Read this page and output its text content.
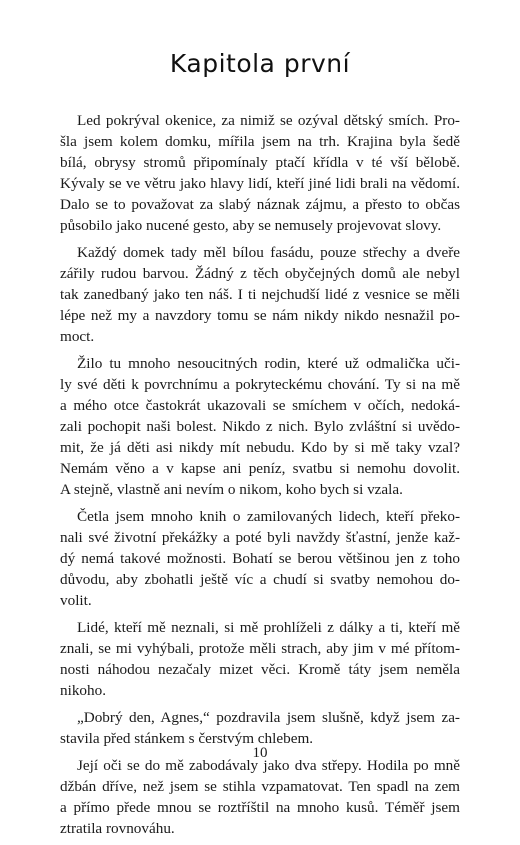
Kapitola první
Led pokrýval okenice, za nimiž se ozýval dětský smích. Pro-
šla jsem kolem domku, mířila jsem na trh. Krajina byla šedě
bílá, obrysy stromů připomínaly ptačí křídla v té vší bělobě.
Kývaly se ve větru jako hlavy lidí, kteří jiné lidi brali na vědomí.
Dalo se to považovat za slabý náznak zájmu, a přesto to občas
působilo jako nucené gesto, aby se nemusely projevovat slovy.
Každý domek tady měl bílou fasádu, pouze střechy a dveře
zářily rudou barvou. Žádný z těch obyčejných domů ale nebyl
tak zanedbaný jako ten náš. I ti nejchudší lidé z vesnice se měli
lépe než my a navzdory tomu se nám nikdy nikdo nesnažil po-
moct.
Žilo tu mnoho nesoucitných rodin, které už odmalička uči-
ly své děti k povrchnímu a pokryteckému chování. Ty si na mě
a mého otce častokrát ukazovali se smíchem v očích, nedoká-
zali pochopit naši bolest. Nikdo z nich. Bylo zvláštní si uvědo-
mit, že já děti asi nikdy mít nebudu. Kdo by si mě taky vzal?
Nemám věno a v kapse ani peníz, svatbu si nemohu dovolit.
A stejně, vlastně ani nevím o nikom, koho bych si vzala.
Četla jsem mnoho knih o zamilovaných lidech, kteří překo-
nali své životní překážky a poté byli navždy šťastní, jenže kaž-
dý nemá takové možnosti. Bohatí se berou většinou jen z toho
důvodu, aby zbohatli ještě víc a chudí si svatby nemohou do-
volit.
Lidé, kteří mě neznali, si mě prohlíželi z dálky a ti, kteří mě
znali, se mi vyhýbali, protože měli strach, aby jim v mé přítom-
nosti náhodou nezačaly mizet věci. Kromě táty jsem neměla
nikoho.
„Dobrý den, Agnes,“ pozdravila jsem slušně, když jsem za-
stavila před stánkem s čerstvým chlebem.
Její oči se do mě zabodávaly jako dva střepy. Hodila po mně
džbán dříve, než jsem se stihla vzpamatovat. Ten spadl na zem
a přímo přede mnou se roztříštil na mnoho kusů. Téměř jsem
ztratila rovnováhu.
10
